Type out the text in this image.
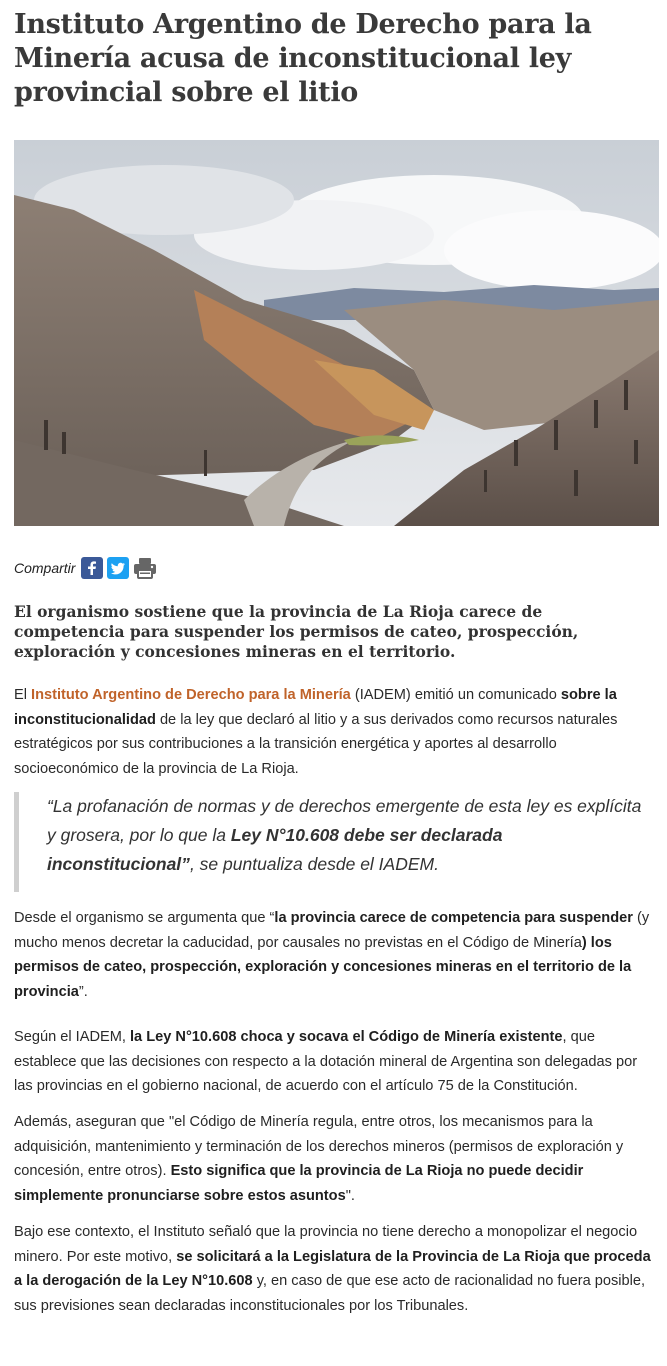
Instituto Argentino de Derecho para la Minería acusa de inconstitucional ley provincial sobre el litio
Compartir

El organismo sostiene que la provincia de La Rioja carece de competencia para suspender los permisos de cateo, prospección, exploración y concesiones mineras en el territorio.

El Instituto Argentino de Derecho para la Minería (IADEM) emitió un comunicado sobre la inconstitucionalidad de la ley que declaró al litio y a sus derivados como recursos naturales estratégicos por sus contribuciones a la transición energética y aportes al desarrollo socioeconómico de la provincia de La Rioja.

“La profanación de normas y de derechos emergente de esta ley es explícita y grosera, por lo que la Ley N°10.608 debe ser declarada inconstitucional”, se puntualiza desde el IADEM.

Desde el organismo se argumenta que “la provincia carece de competencia para suspender (y mucho menos decretar la caducidad, por causales no previstas en el Código de Minería) los permisos de cateo, prospección, exploración y concesiones mineras en el territorio de la provincia”.

Según el IADEM, la Ley N°10.608 choca y socava el Código de Minería existente, que establece que las decisiones con respecto a la dotación mineral de Argentina son delegadas por las provincias en el gobierno nacional, de acuerdo con el artículo 75 de la Constitución.

Además, aseguran que "el Código de Minería regula, entre otros, los mecanismos para la adquisición, mantenimiento y terminación de los derechos mineros (permisos de exploración y concesión, entre otros). Esto significa que la provincia de La Rioja no puede decidir simplemente pronunciarse sobre estos asuntos".

Bajo ese contexto, el Instituto señaló que la provincia no tiene derecho a monopolizar el negocio minero. Por este motivo, se solicitará a la Legislatura de la Provincia de La Rioja que proceda a la derogación de la Ley N°10.608 y, en caso de que ese acto de racionalidad no fuera posible, sus previsiones sean declaradas inconstitucionales por los Tribunales.
